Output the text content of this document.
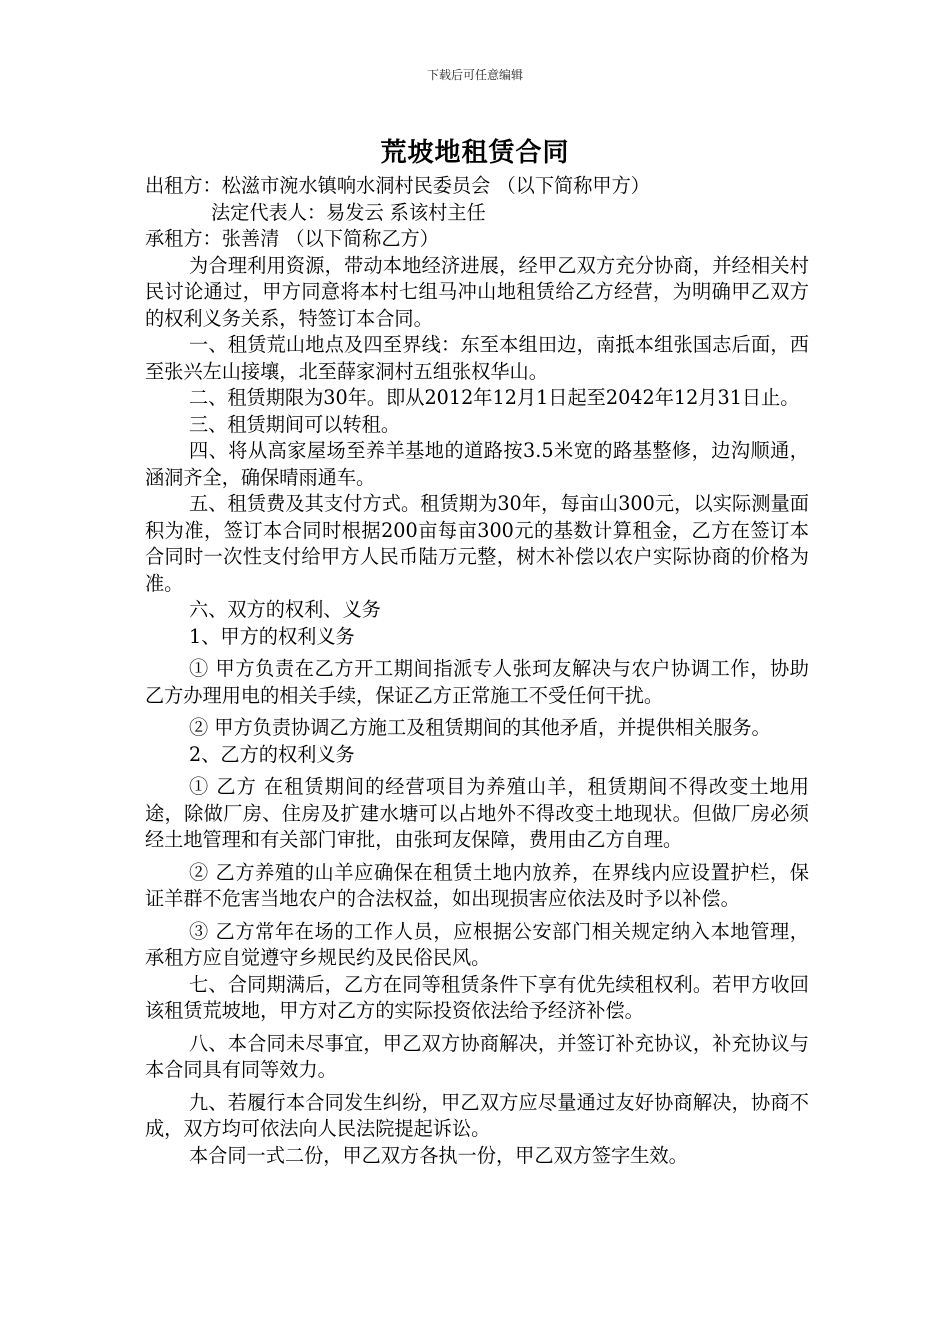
下载后可任意编辑
荒坡地租赁合同

出租方：松滋市涴水镇响水洞村民委员会 （以下简称甲方）

法定代表人：易发云 系该村主任

承租方：张善清 （以下简称乙方）

为合理利用资源，带动本地经济进展，经甲乙双方充分协商，并经相关村民讨论通过，甲方同意将本村七组马冲山地租赁给乙方经营，为明确甲乙双方的权利义务关系，特签订本合同。

一、租赁荒山地点及四至界线：东至本组田边，南抵本组张国志后面，西至张兴左山接壤，北至薛家洞村五组张权华山。

二、租赁期限为30年。即从2012年12月1日起至2042年12月31日止。

三、租赁期间可以转租。

四、将从高家屋场至养羊基地的道路按3.5米宽的路基整修，边沟顺通，涵洞齐全，确保晴雨通车。

五、租赁费及其支付方式。租赁期为30年，每亩山300元，以实际测量面积为准，签订本合同时根据200亩每亩300元的基数计算租金，乙方在签订本合同时一次性支付给甲方人民币陆万元整，树木补偿以农户实际协商的价格为准。

六、双方的权利、义务

1、甲方的权利义务

① 甲方负责在乙方开工期间指派专人张珂友解决与农户协调工作，协助乙方办理用电的相关手续，保证乙方正常施工不受任何干扰。

② 甲方负责协调乙方施工及租赁期间的其他矛盾，并提供相关服务。

2、乙方的权利义务

① 乙方 在租赁期间的经营项目为养殖山羊，租赁期间不得改变土地用途，除做厂房、住房及扩建水塘可以占地外不得改变土地现状。但做厂房必须经土地管理和有关部门审批，由张珂友保障，费用由乙方自理。

② 乙方养殖的山羊应确保在租赁土地内放养，在界线内应设置护栏，保证羊群不危害当地农户的合法权益，如出现损害应依法及时予以补偿。

③ 乙方常年在场的工作人员，应根据公安部门相关规定纳入本地管理，承租方应自觉遵守乡规民约及民俗民风。

七、合同期满后，乙方在同等租赁条件下享有优先续租权利。若甲方收回该租赁荒坡地，甲方对乙方的实际投资依法给予经济补偿。

八、本合同未尽事宜，甲乙双方协商解决，并签订补充协议，补充协议与本合同具有同等效力。

九、若履行本合同发生纠纷，甲乙双方应尽量通过友好协商解决，协商不成，双方均可依法向人民法院提起诉讼。

本合同一式二份，甲乙双方各执一份，甲乙双方签字生效。
